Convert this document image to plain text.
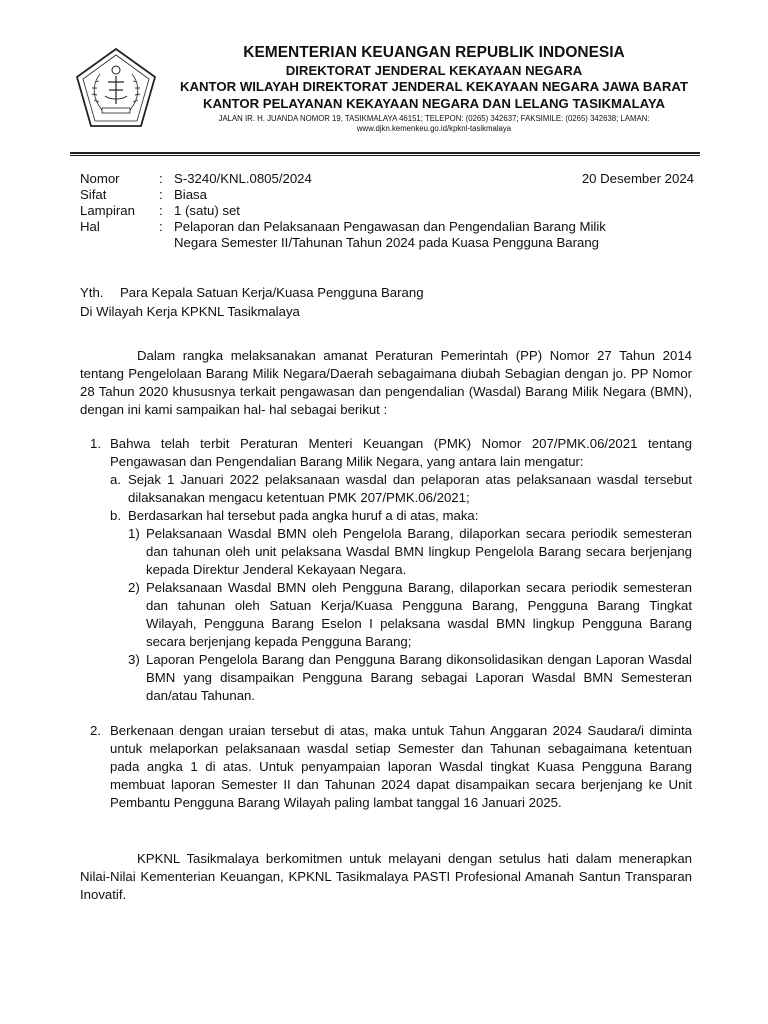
KEMENTERIAN KEUANGAN REPUBLIK INDONESIA
DIREKTORAT JENDERAL KEKAYAAN NEGARA
KANTOR WILAYAH DIREKTORAT JENDERAL KEKAYAAN NEGARA JAWA BARAT
KANTOR PELAYANAN KEKAYAAN NEGARA DAN LELANG TASIKMALAYA
JALAN IR. H. JUANDA NOMOR 19, TASIKMALAYA 46151; TELEPON: (0265) 342637; FAKSIMILE: (0265) 342638; LAMAN:
www.djkn.kemenkeu.go.id/kpknl-tasikmalaya
Nomor	: S-3240/KNL.0805/2024	20 Desember 2024
Sifat	: Biasa
Lampiran : 1 (satu) set
Hal	: Pelaporan dan Pelaksanaan Pengawasan dan Pengendalian Barang Milik
Negara Semester II/Tahunan Tahun 2024 pada Kuasa Pengguna Barang
Yth. Para Kepala Satuan Kerja/Kuasa Pengguna Barang
Di Wilayah Kerja KPKNL Tasikmalaya
Dalam rangka melaksanakan amanat Peraturan Pemerintah (PP) Nomor 27 Tahun 2014 tentang Pengelolaan Barang Milik Negara/Daerah sebagaimana diubah Sebagian dengan jo. PP Nomor 28 Tahun 2020 khususnya terkait pengawasan dan pengendalian (Wasdal) Barang Milik Negara (BMN), dengan ini kami sampaikan hal- hal sebagai berikut :
1. Bahwa telah terbit Peraturan Menteri Keuangan (PMK) Nomor 207/PMK.06/2021 tentang Pengawasan dan Pengendalian Barang Milik Negara, yang antara lain mengatur:
a. Sejak 1 Januari 2022 pelaksanaan wasdal dan pelaporan atas pelaksanaan wasdal tersebut dilaksanakan mengacu ketentuan PMK 207/PMK.06/2021;
b. Berdasarkan hal tersebut pada angka huruf a di atas, maka:
1) Pelaksanaan Wasdal BMN oleh Pengelola Barang, dilaporkan secara periodik semesteran dan tahunan oleh unit pelaksana Wasdal BMN lingkup Pengelola Barang secara berjenjang kepada Direktur Jenderal Kekayaan Negara.
2) Pelaksanaan Wasdal BMN oleh Pengguna Barang, dilaporkan secara periodik semesteran dan tahunan oleh Satuan Kerja/Kuasa Pengguna Barang, Pengguna Barang Tingkat Wilayah, Pengguna Barang Eselon I pelaksana wasdal BMN lingkup Pengguna Barang secara berjenjang kepada Pengguna Barang;
3) Laporan Pengelola Barang dan Pengguna Barang dikonsolidasikan dengan Laporan Wasdal BMN yang disampaikan Pengguna Barang sebagai Laporan Wasdal BMN Semesteran dan/atau Tahunan.
2. Berkenaan dengan uraian tersebut di atas, maka untuk Tahun Anggaran 2024 Saudara/i diminta untuk melaporkan pelaksanaan wasdal setiap Semester dan Tahunan sebagaimana ketentuan pada angka 1 di atas. Untuk penyampaian laporan Wasdal tingkat Kuasa Pengguna Barang membuat laporan Semester II dan Tahunan 2024 dapat disampaikan secara berjenjang ke Unit Pembantu Pengguna Barang Wilayah paling lambat tanggal 16 Januari 2025.
KPKNL Tasikmalaya berkomitmen untuk melayani dengan setulus hati dalam menerapkan Nilai-Nilai Kementerian Keuangan, KPKNL Tasikmalaya PASTI Profesional Amanah Santun Transparan Inovatif.
